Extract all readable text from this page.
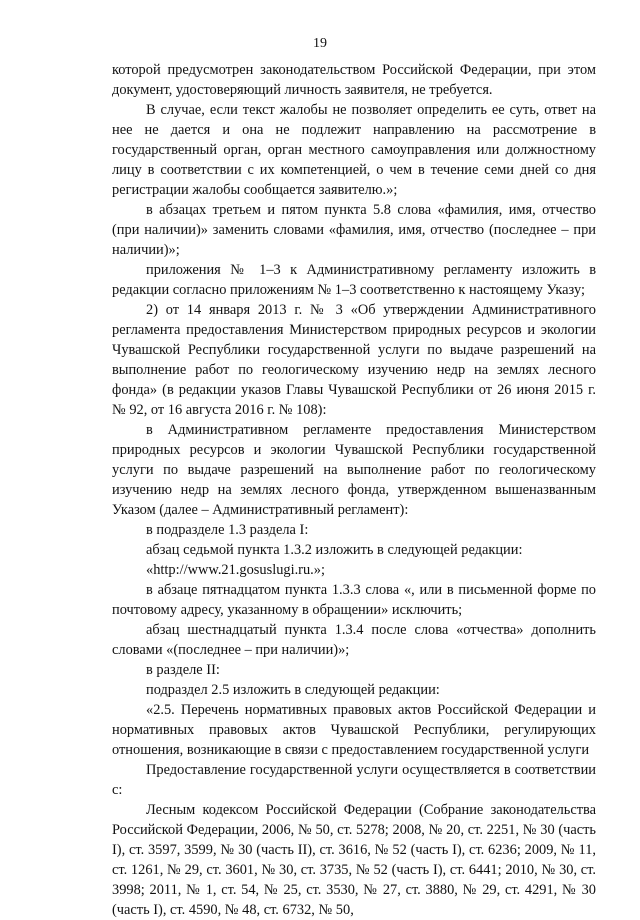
19

которой предусмотрен законодательством Российской Федерации, при этом документ, удостоверяющий личность заявителя, не требуется.

В случае, если текст жалобы не позволяет определить ее суть, ответ на нее не дается и она не подлежит направлению на рассмотрение в государственный орган, орган местного самоуправления или должностному лицу в соответствии с их компетенцией, о чем в течение семи дней со дня регистрации жалобы сообщается заявителю.»;

в абзацах третьем и пятом пункта 5.8 слова «фамилия, имя, отчество (при наличии)» заменить словами «фамилия, имя, отчество (последнее – при наличии)»;

приложения № 1–3 к Административному регламенту изложить в редакции согласно приложениям № 1–3 соответственно к настоящему Указу;

2) от 14 января 2013 г. № 3 «Об утверждении Административного регламента предоставления Министерством природных ресурсов и экологии Чувашской Республики государственной услуги по выдаче разрешений на выполнение работ по геологическому изучению недр на землях лесного фонда» (в редакции указов Главы Чувашской Республики от 26 июня 2015 г. № 92, от 16 августа 2016 г. № 108):

в Административном регламенте предоставления Министерством природных ресурсов и экологии Чувашской Республики государственной услуги по выдаче разрешений на выполнение работ по геологическому изучению недр на землях лесного фонда, утвержденном вышеназванным Указом (далее – Административный регламент):

в подразделе 1.3 раздела I:

абзац седьмой пункта 1.3.2 изложить в следующей редакции:

«http://www.21.gosuslugi.ru.»;

в абзаце пятнадцатом пункта 1.3.3 слова «, или в письменной форме по почтовому адресу, указанному в обращении» исключить;

абзац шестнадцатый пункта 1.3.4 после слова «отчества» дополнить словами «(последнее – при наличии)»;

в разделе II:

подраздел 2.5 изложить в следующей редакции:

«2.5. Перечень нормативных правовых актов Российской Федерации и нормативных правовых актов Чувашской Республики, регулирующих отношения, возникающие в связи с предоставлением государственной услуги

Предоставление государственной услуги осуществляется в соответствии с:

Лесным кодексом Российской Федерации (Собрание законодательства Российской Федерации, 2006, № 50, ст. 5278; 2008, № 20, ст. 2251, № 30 (часть I), ст. 3597, 3599, № 30 (часть II), ст. 3616, № 52 (часть I), ст. 6236; 2009, № 11, ст. 1261, № 29, ст. 3601, № 30, ст. 3735, № 52 (часть I), ст. 6441; 2010, № 30, ст. 3998; 2011, № 1, ст. 54, № 25, ст. 3530, № 27, ст. 3880, № 29, ст. 4291, № 30 (часть I), ст. 4590, № 48, ст. 6732, № 50,
